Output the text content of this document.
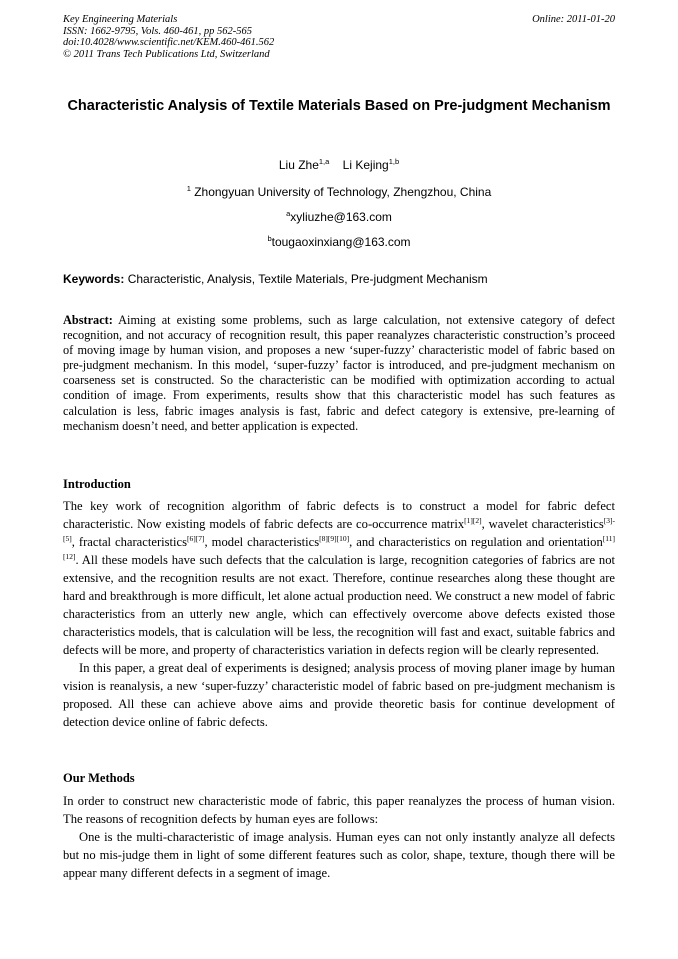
Key Engineering Materials
ISSN: 1662-9795, Vols. 460-461, pp 562-565
doi:10.4028/www.scientific.net/KEM.460-461.562
© 2011 Trans Tech Publications Ltd, Switzerland
Online: 2011-01-20
Characteristic Analysis of Textile Materials Based on Pre-judgment Mechanism
Liu Zhe$^{1,a}$ Li Kejing$^{1,b}$
$^1$ Zhongyuan University of Technology, Zhengzhou, China
$^a$xyliuzhe@163.com
$^b$tougaoxinxiang@163.com
Keywords: Characteristic, Analysis, Textile Materials, Pre-judgment Mechanism
Abstract: Aiming at existing some problems, such as large calculation, not extensive category of defect recognition, and not accuracy of recognition result, this paper reanalyzes characteristic construction’s proceed of moving image by human vision, and proposes a new ‘super-fuzzy’ characteristic model of fabric based on pre-judgment mechanism. In this model, ‘super-fuzzy’ factor is introduced, and pre-judgment mechanism on coarseness set is constructed. So the characteristic can be modified with optimization according to actual condition of image. From experiments, results show that this characteristic model has such features as calculation is less, fabric images analysis is fast, fabric and defect category is extensive, pre-learning of mechanism doesn’t need, and better application is expected.
Introduction

The key work of recognition algorithm of fabric defects is to construct a model for fabric defect characteristic. Now existing models of fabric defects are co-occurrence matrix[1][2], wavelet characteristics[3]-[5], fractal characteristics[6][7], model characteristics[8][9][10], and characteristics on regulation and orientation[11][12]. All these models have such defects that the calculation is large, recognition categories of fabrics are not extensive, and the recognition results are not exact. Therefore, continue researches along these thought are hard and breakthrough is more difficult, let alone actual production need. We construct a new model of fabric characteristics from an utterly new angle, which can effectively overcome above defects existed those characteristics models, that is calculation will be less, the recognition will fast and exact, suitable fabrics and defects will be more, and property of characteristics variation in defects region will be clearly represented.

In this paper, a great deal of experiments is designed; analysis process of moving planer image by human vision is reanalysis, a new ‘super-fuzzy’ characteristic model of fabric based on pre-judgment mechanism is proposed. All these can achieve above aims and provide theoretic basis for continue development of detection device online of fabric defects.

Our Methods

In order to construct new characteristic mode of fabric, this paper reanalyzes the process of human vision. The reasons of recognition defects by human eyes are follows:

One is the multi-characteristic of image analysis. Human eyes can not only instantly analyze all defects but no mis-judge them in light of some different features such as color, shape, texture, though there will be appear many different defects in a segment of image.
